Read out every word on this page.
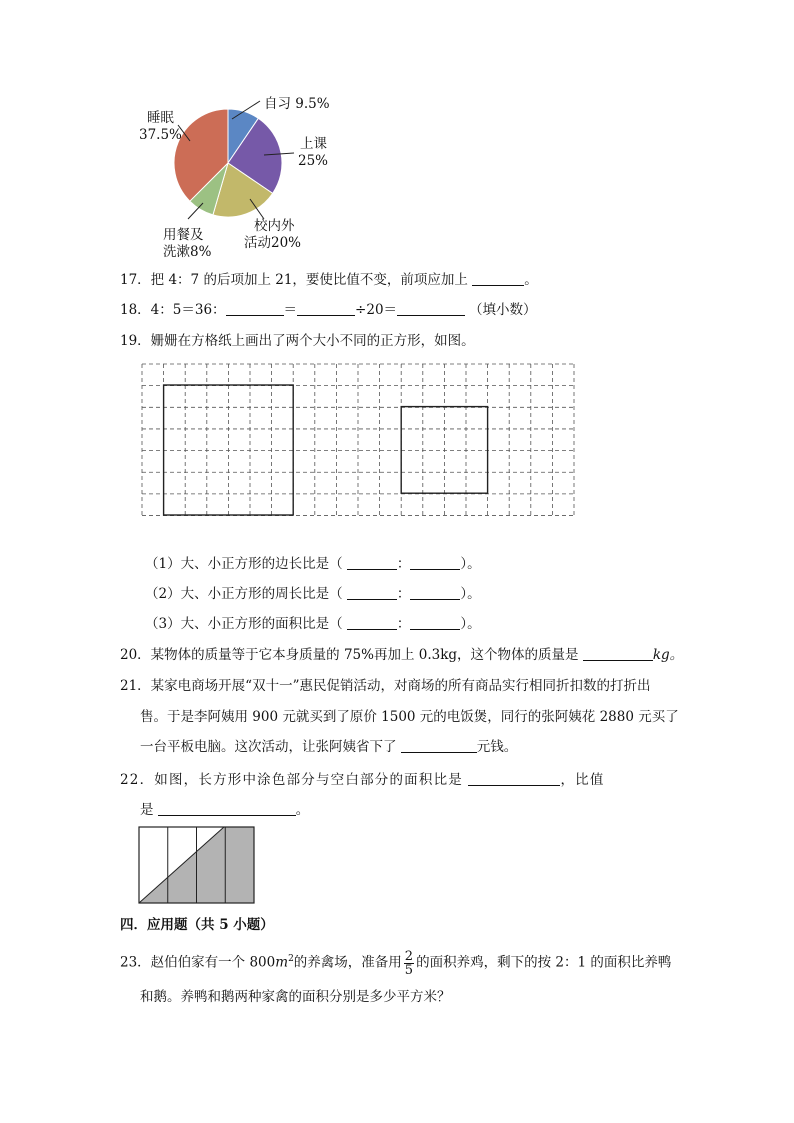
自习 9.5%
上课
25%
校内外
活动20%
用餐及
洗漱8%
睡眠
37.5%
17．把 4：7 的后项加上 21，要使比值不变，前项应加上	。
18．4：5＝36：	＝	÷20＝	（填小数）
19．姗姗在方格纸上画出了两个大小不同的正方形，如图。
（1）大、小正方形的边长比是（	：	）。
（2）大、小正方形的周长比是（	：	）。
（3）大、小正方形的面积比是（	：	）。
20．某物体的质量等于它本身质量的 75%再加上 0.3kg，这个物体的质量是	kg。
21．某家电商场开展“双十一”惠民促销活动，对商场的所有商品实行相同折扣数的打折出
售。于是李阿姨用 900 元就买到了原价 1500 元的电饭煲，同行的张阿姨花 2880 元买了
一台平板电脑。这次活动，让张阿姨省下了	元钱。
22．如图，长方形中涂色部分与空白部分的面积比是	，比值
是	。
四．应用题（共 5 小题）
23．赵伯伯家有一个 $800m^2$的养禽场，准备用 $\frac{2}{5}$ 的面积养鸡，剩下的按 2：1 的面积比养鸭
和鹅。养鸭和鹅两种家禽的面积分别是多少平方米？
